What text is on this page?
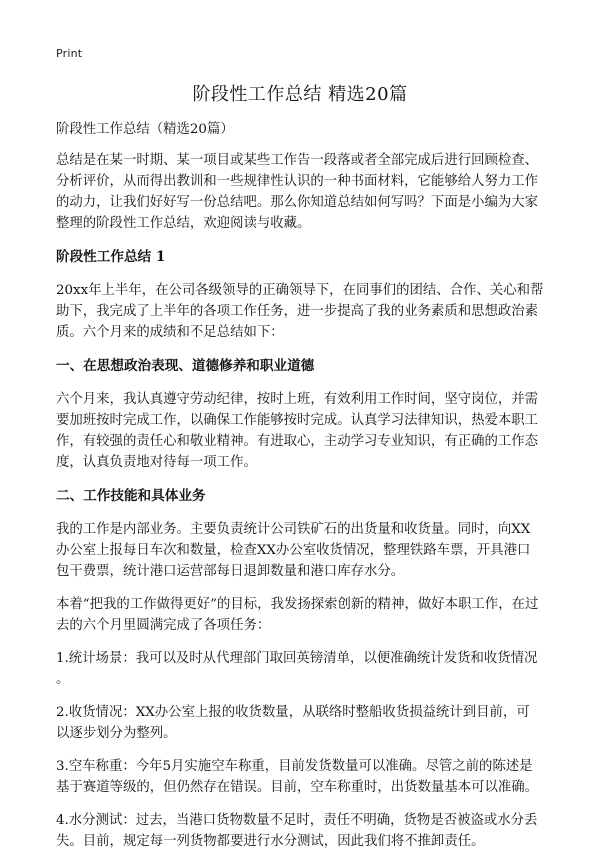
Print
阶段性工作总结 精选20篇
阶段性工作总结（精选20篇）
总结是在某一时期、某一项目或某些工作告一段落或者全部完成后进行回顾检查、
分析评价，从而得出教训和一些规律性认识的一种书面材料，它能够给人努力工作
的动力，让我们好好写一份总结吧。那么你知道总结如何写吗？下面是小编为大家
整理的阶段性工作总结，欢迎阅读与收藏。
阶段性工作总结 1
20xx年上半年，在公司各级领导的正确领导下，在同事们的团结、合作、关心和帮
助下，我完成了上半年的各项工作任务，进一步提高了我的业务素质和思想政治素
质。六个月来的成绩和不足总结如下：
一、在思想政治表现、道德修养和职业道德
六个月来，我认真遵守劳动纪律，按时上班，有效利用工作时间，坚守岗位，并需
要加班按时完成工作，以确保工作能够按时完成。认真学习法律知识，热爱本职工
作，有较强的责任心和敬业精神。有进取心，主动学习专业知识，有正确的工作态
度，认真负责地对待每一项工作。
二、工作技能和具体业务
我的工作是内部业务。主要负责统计公司铁矿石的出货量和收货量。同时，向XX
办公室上报每日车次和数量，检查XX办公室收货情况，整理铁路车票，开具港口
包干费票，统计港口运营部每日退卸数量和港口库存水分。
本着“把我的工作做得更好”的目标，我发扬探索创新的精神，做好本职工作，在过
去的六个月里圆满完成了各项任务：
1.统计场景：我可以及时从代理部门取回英镑清单，以便准确统计发货和收货情况
。
2.收货情况：XX办公室上报的收货数量，从联络时整船收货损益统计到目前，可
以逐步划分为整列。
3.空车称重：今年5月实施空车称重，目前发货数量可以准确。尽管之前的陈述是
基于赛道等级的，但仍然存在错误。目前，空车称重时，出货数量基本可以准确。
4.水分测试：过去，当港口货物数量不足时，责任不明确，货物是否被盗或水分丢
失。目前，规定每一列货物都要进行水分测试，因此我们将不推卸责任。
